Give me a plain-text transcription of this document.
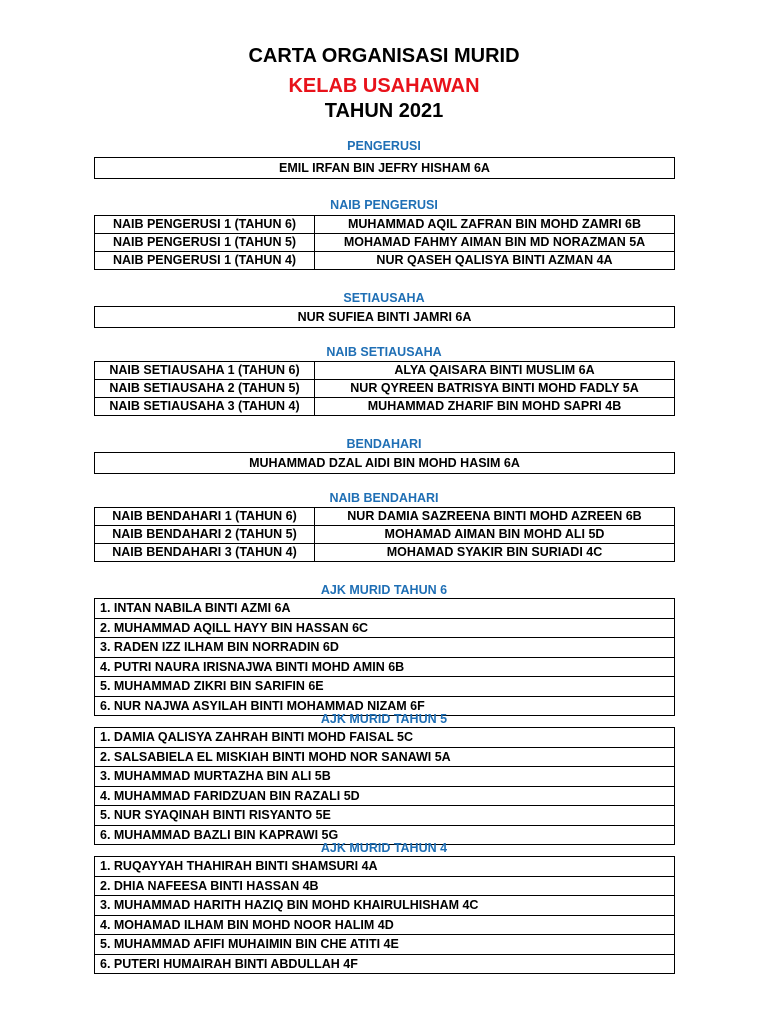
CARTA ORGANISASI MURID
KELAB USAHAWAN
TAHUN 2021
PENGERUSI
EMIL IRFAN BIN JEFRY HISHAM 6A
NAIB PENGERUSI
NAIB PENGERUSI 1 (TAHUN 6)	MUHAMMAD AQIL ZAFRAN BIN MOHD ZAMRI 6B
NAIB PENGERUSI 1 (TAHUN 5)	MOHAMAD FAHMY AIMAN BIN MD NORAZMAN 5A
NAIB PENGERUSI 1 (TAHUN 4)	NUR QASEH QALISYA BINTI AZMAN 4A
SETIAUSAHA
NUR SUFIEA BINTI JAMRI 6A
NAIB SETIAUSAHA
NAIB SETIAUSAHA 1 (TAHUN 6)	ALYA QAISARA BINTI MUSLIM 6A
NAIB SETIAUSAHA 2 (TAHUN 5)	NUR QYREEN BATRISYA BINTI MOHD FADLY 5A
NAIB SETIAUSAHA 3 (TAHUN 4)	MUHAMMAD ZHARIF BIN MOHD SAPRI 4B
BENDAHARI
MUHAMMAD DZAL AIDI BIN MOHD HASIM 6A
NAIB BENDAHARI
NAIB BENDAHARI 1 (TAHUN 6)	NUR DAMIA SAZREENA BINTI MOHD AZREEN 6B
NAIB BENDAHARI 2 (TAHUN 5)	MOHAMAD AIMAN BIN MOHD ALI 5D
NAIB BENDAHARI 3 (TAHUN 4)	MOHAMAD SYAKIR BIN SURIADI 4C
AJK MURID TAHUN 6
1. INTAN NABILA BINTI AZMI 6A
2. MUHAMMAD AQILL HAYY BIN HASSAN 6C
3. RADEN IZZ ILHAM BIN NORRADIN 6D
4. PUTRI NAURA IRISNAJWA BINTI MOHD AMIN 6B
5. MUHAMMAD ZIKRI BIN SARIFIN 6E
6. NUR NAJWA ASYILAH BINTI MOHAMMAD NIZAM 6F
AJK MURID TAHUN 5
1. DAMIA QALISYA ZAHRAH BINTI MOHD FAISAL 5C
2. SALSABIELA EL MISKIAH BINTI MOHD NOR SANAWI 5A
3. MUHAMMAD MURTAZHA BIN ALI 5B
4. MUHAMMAD FARIDZUAN BIN RAZALI 5D
5. NUR SYAQINAH BINTI RISYANTO 5E
6. MUHAMMAD BAZLI BIN KAPRAWI 5G
AJK MURID TAHUN 4
1. RUQAYYAH THAHIRAH BINTI SHAMSURI 4A
2. DHIA NAFEESA BINTI HASSAN 4B
3. MUHAMMAD HARITH HAZIQ BIN MOHD KHAIRULHISHAM 4C
4. MOHAMAD ILHAM BIN MOHD NOOR HALIM 4D
5. MUHAMMAD AFIFI MUHAIMIN BIN CHE ATITI 4E
6. PUTERI HUMAIRAH BINTI ABDULLAH 4F
